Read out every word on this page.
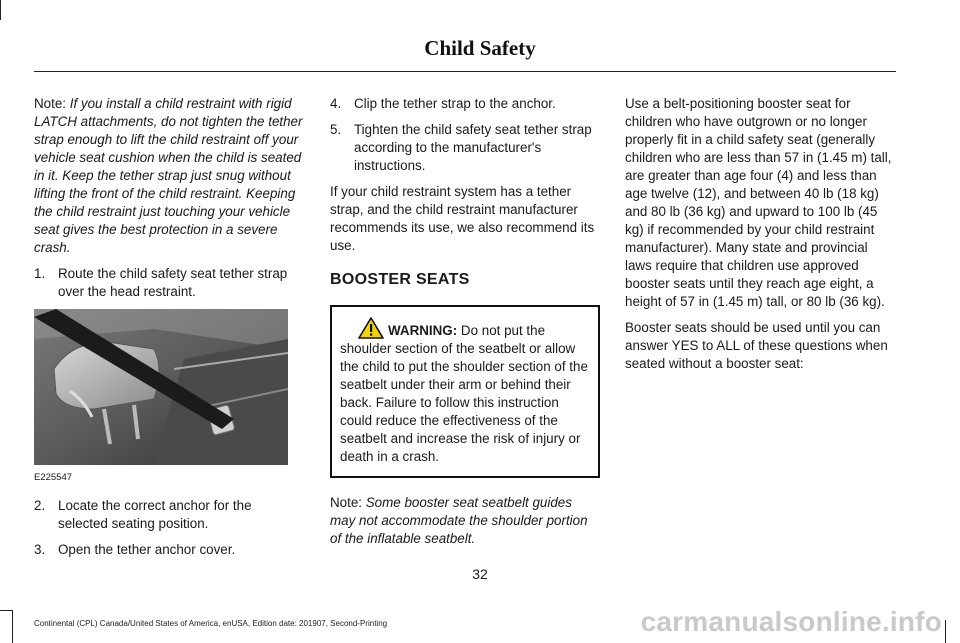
Child Safety

Note: If you install a child restraint with rigid LATCH attachments, do not tighten the tether strap enough to lift the child restraint off your vehicle seat cushion when the child is seated in it. Keep the tether strap just snug without lifting the front of the child restraint. Keeping the child restraint just touching your vehicle seat gives the best protection in a severe crash.

1. Route the child safety seat tether strap over the head restraint.
E225547
2. Locate the correct anchor for the selected seating position.
3. Open the tether anchor cover.
4. Clip the tether strap to the anchor.
5. Tighten the child safety seat tether strap according to the manufacturer's instructions.

If your child restraint system has a tether strap, and the child restraint manufacturer recommends its use, we also recommend its use.

BOOSTER SEATS
WARNING: Do not put the shoulder section of the seatbelt or allow the child to put the shoulder section of the seatbelt under their arm or behind their back. Failure to follow this instruction could reduce the effectiveness of the seatbelt and increase the risk of injury or death in a crash.

Note: Some booster seat seatbelt guides may not accommodate the shoulder portion of the inflatable seatbelt.

Use a belt-positioning booster seat for children who have outgrown or no longer properly fit in a child safety seat (generally children who are less than 57 in (1.45 m) tall, are greater than age four (4) and less than age twelve (12), and between 40 lb (18 kg) and 80 lb (36 kg) and upward to 100 lb (45 kg) if recommended by your child restraint manufacturer). Many state and provincial laws require that children use approved booster seats until they reach age eight, a height of 57 in (1.45 m) tall, or 80 lb (36 kg).

Booster seats should be used until you can answer YES to ALL of these questions when seated without a booster seat:

32
Continental (CPL) Canada/United States of America, enUSA, Edition date: 201907, Second-Printing	carmanualsonline.info
